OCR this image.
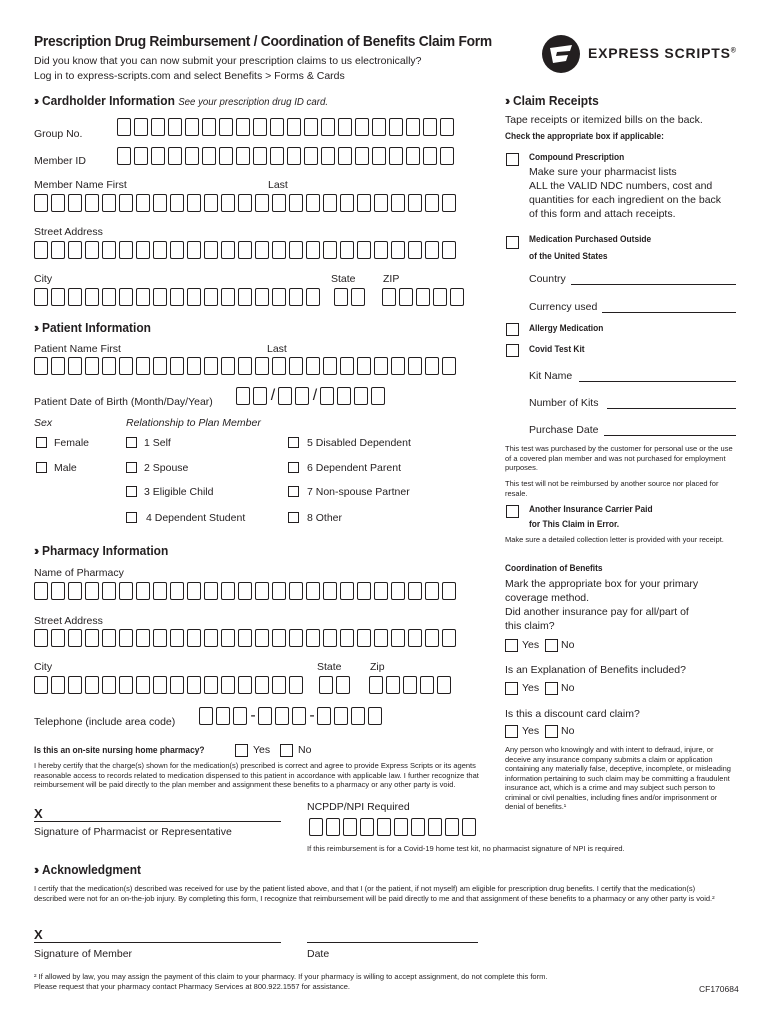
Prescription Drug Reimbursement / Coordination of Benefits Claim Form
Did you know that you can now submit your prescription claims to us electronically?
Log in to express-scripts.com and select Benefits > Forms & Cards
EXPRESS SCRIPTS®
›› Cardholder Information See your prescription drug ID card.
Group No.
Member ID
Member Name First	Last
Street Address
City	State	ZIP
›› Patient Information
Patient Name First	Last
Patient Date of Birth (Month/Day/Year)	/ /
Sex	Relationship to Plan Member
Female
Male
1 Self
2 Spouse
3 Eligible Child
4 Dependent Student
5 Disabled Dependent
6 Dependent Parent
7 Non-spouse Partner
8 Other
›› Pharmacy Information
Name of Pharmacy
Street Address
City	State	Zip
Telephone (include area code)	-	-
Is this an on-site nursing home pharmacy?	Yes	No
I hereby certify that the charge(s) shown for the medication(s) prescribed is correct and agree to provide Express Scripts or its agents reasonable access to records related to medication dispensed to this patient in accordance with applicable law. I further recognize that reimbursement will be paid directly to the plan member and assignment these benefits to a pharmacy or any other party is void.
X
Signature of Pharmacist or Representative
NCPDP/NPI Required
If this reimbursement is for a Covid-19 home test kit, no pharmacist signature of NPI is required.
›› Claim Receipts
Tape receipts or itemized bills on the back.
Check the appropriate box if applicable:
Compound Prescription
Make sure your pharmacist lists
ALL the VALID NDC numbers, cost and
quantities for each ingredient on the back
of this form and attach receipts.
Medication Purchased Outside
of the United States
Country
Currency used
Allergy Medication
Covid Test Kit
Kit Name
Number of Kits
Purchase Date
This test was purchased by the customer for personal use or the use of a covered plan member and was not purchased for employment purposes.
This test will not be reimbursed by another source nor placed for resale.
Another Insurance Carrier Paid
for This Claim in Error.
Make sure a detailed collection letter is provided with your receipt.
Coordination of Benefits
Mark the appropriate box for your primary
coverage method.
Did another insurance pay for all/part of
this claim?
Yes No
Is an Explanation of Benefits included?
Yes No
Is this a discount card claim?
Yes No
Any person who knowingly and with intent to defraud, injure, or deceive any insurance company submits a claim or application containing any materially false, deceptive, incomplete, or misleading information pertaining to such claim may be committing a fraudulent insurance act, which is a crime and may subject such person to criminal or civil penalties, including fines and/or imprisonment or denial of benefits.¹
›› Acknowledgment
I certify that the medication(s) described was received for use by the patient listed above, and that I (or the patient, if not myself) am eligible for prescription drug benefits. I certify that the medication(s) described were not for an on-the-job injury. By completing this form, I recognize that reimbursement will be paid directly to me and that assignment of these benefits to a pharmacy or any other party is void.²
X
Signature of Member	Date
² If allowed by law, you may assign the payment of this claim to your pharmacy. If your pharmacy is willing to accept assignment, do not complete this form.
Please request that your pharmacy contact Pharmacy Services at 800.922.1557 for assistance.	CF170684
